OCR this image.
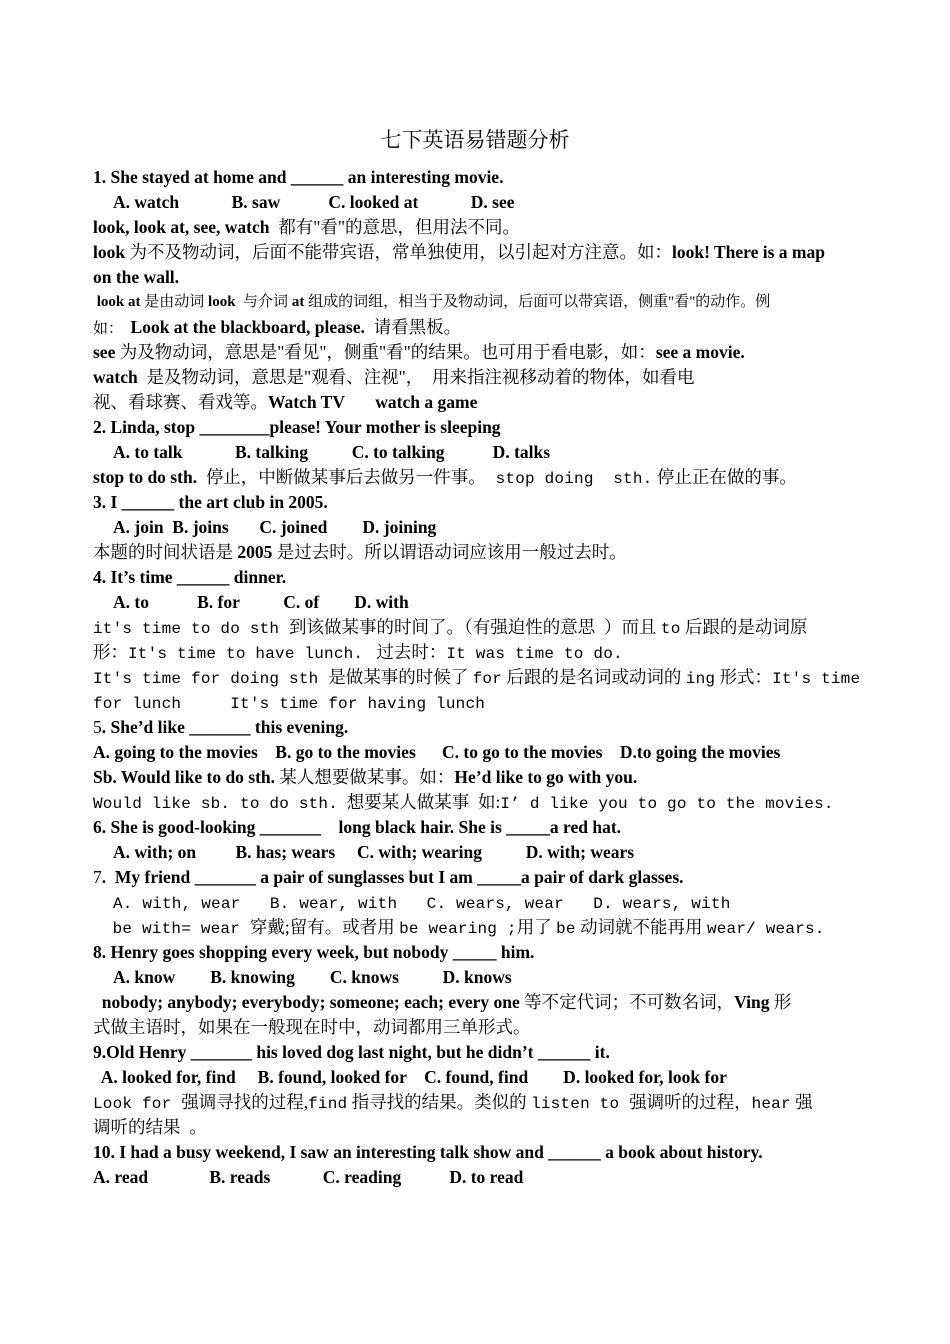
七下英语易错题分析
1. She stayed at home and ______ an interesting movie.
A. watch            B. saw           C. looked at            D. see
look, look at, see, watch  都有"看"的意思，但用法不同。
look 为不及物动词，后面不能带宾语，常单独使用，以引起对方注意。如：look! There is a map
on the wall.
look at 是由动词 look  与介词 at 组成的词组，相当于及物动词，后面可以带宾语，侧重"看"的动作。例
如：  Look at the blackboard, please.  请看黑板。
see 为及物动词，意思是"看见"，侧重"看"的结果。也可用于看电影，如：see a movie.
watch  是及物动词，意思是"观看、注视"，  用来指注视移动着的物体，如看电
视、看球赛、看戏等。Watch TV       watch a game
2. Linda, stop ________please! Your mother is sleeping
A. to talk            B. talking          C. to talking           D. talks
stop to do sth.  停止，中断做某事后去做另一件事。 stop doing  sth. 停止正在做的事。
3. I ______ the art club in 2005.
A. join  B. joins       C. joined        D. joining
本题的时间状语是 2005 是过去时。所以谓语动词应该用一般过去时。
4. It’s time ______ dinner.
A. to           B. for          C. of        D. with
it's time to do sth 到该做某事的时间了。（有强迫性的意思  ）而且 to 后跟的是动词原
形：It's time to have lunch.   过去时：It was time to do.
It's time for doing sth 是做某事的时候了 for 后跟的是名词或动词的 ing 形式：It's time
for lunch     It's time for having lunch
5. She’d like _______ this evening.
A. going to the movies    B. go to the movies      C. to go to the movies    D.to going the movies
Sb. Would like to do sth. 某人想要做某事。如：He’d like to go with you.
Would like sb. to do sth.  想要某人做某事  如:I’ d like you to go to the movies.
6. She is good-looking _______    long black hair. She is _____a red hat.
A. with; on         B. has; wears     C. with; wearing          D. with; wears
7.  My friend _______ a pair of sunglasses but I am _____a pair of dark glasses.
A. with, wear   B. wear, with   C. wears, wear   D. wears, with
be with= wear 穿戴;留有。或者用 be wearing ;用了 be 动词就不能再用 wear/ wears.
8. Henry goes shopping every week, but nobody _____ him.
A. know        B. knowing        C. knows          D. knows
nobody; anybody; everybody; someone; each; every one 等不定代词；不可数名词，Ving 形
式做主语时，如果在一般现在时中，动词都用三单形式。
9.Old Henry _______ his loved dog last night, but he didn’t ______ it.
A. looked for, find     B. found, looked for    C. found, find        D. looked for, look for
Look for 强调寻找的过程,find 指寻找的结果。类似的 listen to 强调听的过程，hear 强
调听的结果  。
10. I had a busy weekend, I saw an interesting talk show and ______ a book about history.
A. read              B. reads            C. reading           D. to read
